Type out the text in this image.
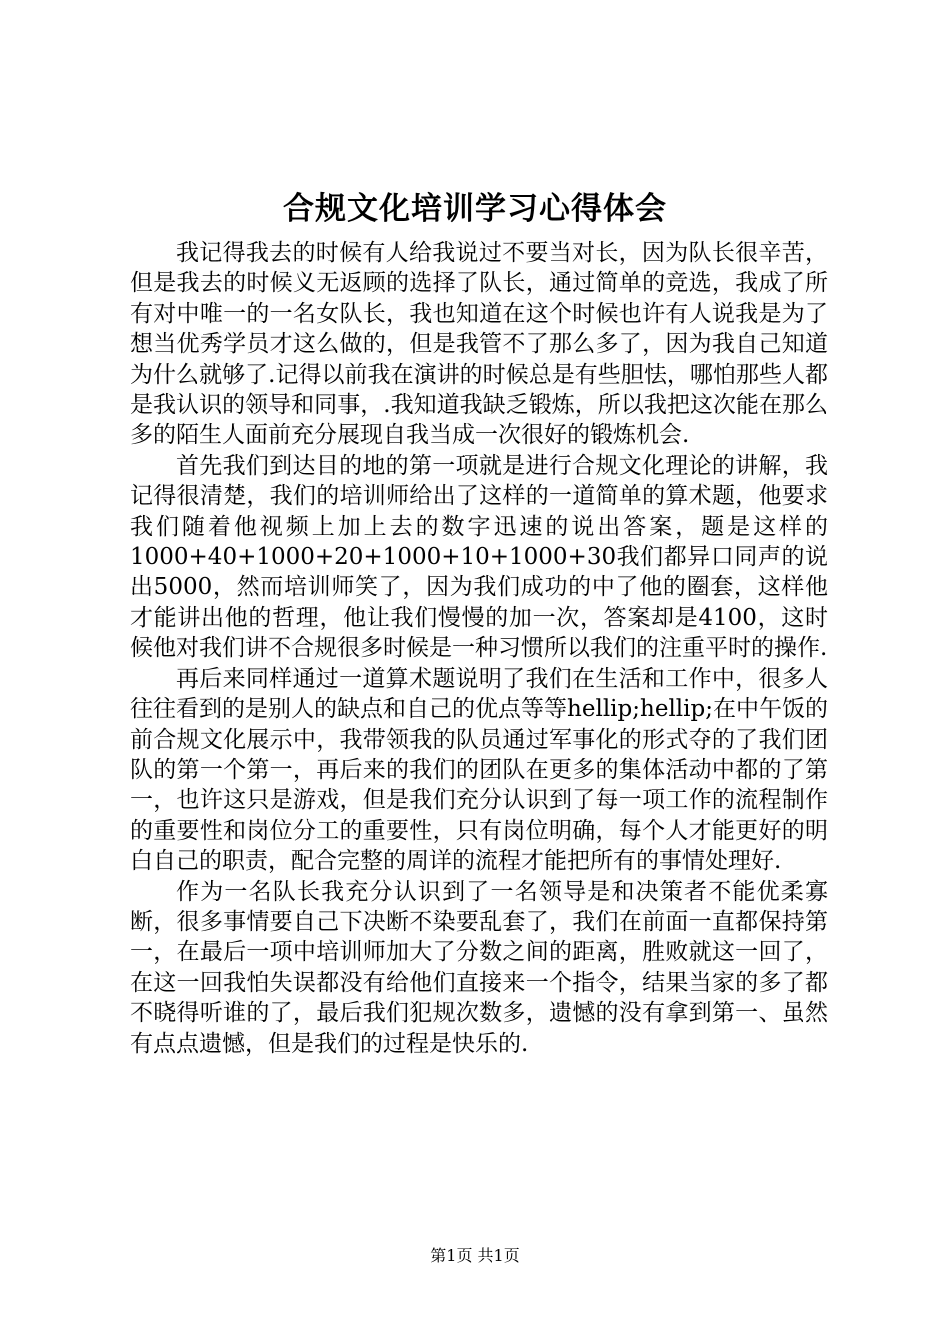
合规文化培训学习心得体会

我记得我去的时候有人给我说过不要当对长，因为队长很辛苦，但是我去的时候义无返顾的选择了队长，通过简单的竞选，我成了所有对中唯一的一名女队长，我也知道在这个时候也许有人说我是为了想当优秀学员才这么做的，但是我管不了那么多了，因为我自己知道为什么就够了.记得以前我在演讲的时候总是有些胆怯，哪怕那些人都是我认识的领导和同事，.我知道我缺乏锻炼，所以我把这次能在那么多的陌生人面前充分展现自我当成一次很好的锻炼机会.

首先我们到达目的地的第一项就是进行合规文化理论的讲解，我记得很清楚，我们的培训师给出了这样的一道简单的算术题，他要求我们随着他视频上加上去的数字迅速的说出答案，题是这样的1000+40+1000+20+1000+10+1000+30我们都异口同声的说出5000，然而培训师笑了，因为我们成功的中了他的圈套，这样他才能讲出他的哲理，他让我们慢慢的加一次，答案却是4100，这时候他对我们讲不合规很多时候是一种习惯所以我们的注重平时的操作.

再后来同样通过一道算术题说明了我们在生活和工作中，很多人往往看到的是别人的缺点和自己的优点等等hellip;hellip;在中午饭的前合规文化展示中，我带领我的队员通过军事化的形式夺的了我们团队的第一个第一，再后来的我们的团队在更多的集体活动中都的了第一，也许这只是游戏，但是我们充分认识到了每一项工作的流程制作的重要性和岗位分工的重要性，只有岗位明确，每个人才能更好的明白自己的职责，配合完整的周详的流程才能把所有的事情处理好.

作为一名队长我充分认识到了一名领导是和决策者不能优柔寡断，很多事情要自己下决断不染要乱套了，我们在前面一直都保持第一，在最后一项中培训师加大了分数之间的距离，胜败就这一回了，在这一回我怕失误都没有给他们直接来一个指令，结果当家的多了都不晓得听谁的了，最后我们犯规次数多，遗憾的没有拿到第一、虽然有点点遗憾，但是我们的过程是快乐的.

第1页 共1页
